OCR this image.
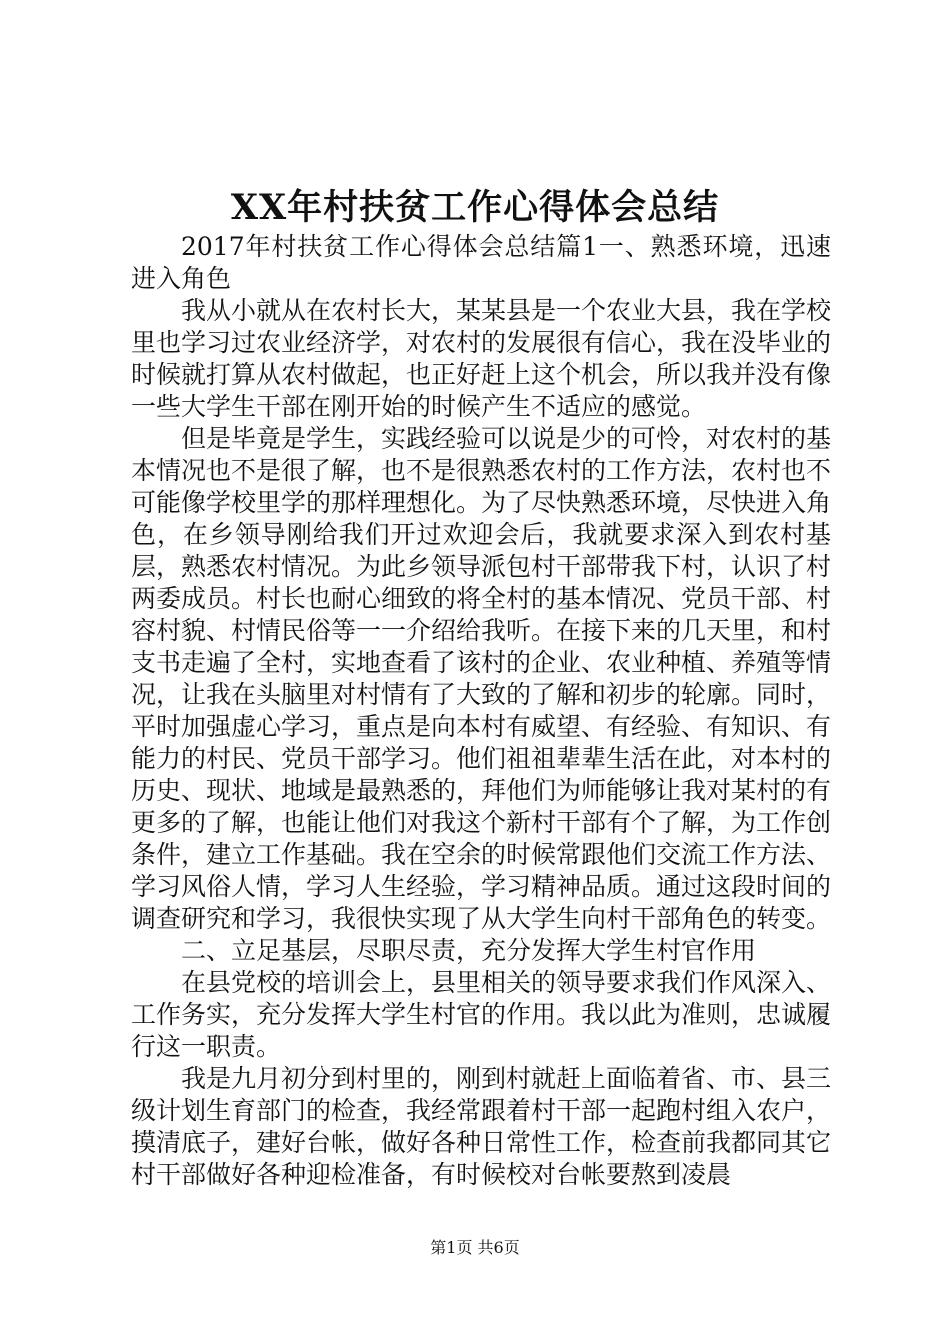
XX年村扶贫工作心得体会总结

2017年村扶贫工作心得体会总结篇1一、熟悉环境，迅速进入角色

我从小就从在农村长大，某某县是一个农业大县，我在学校里也学习过农业经济学，对农村的发展很有信心，我在没毕业的时候就打算从农村做起，也正好赶上这个机会，所以我并没有像一些大学生干部在刚开始的时候产生不适应的感觉。

但是毕竟是学生，实践经验可以说是少的可怜，对农村的基本情况也不是很了解，也不是很熟悉农村的工作方法，农村也不可能像学校里学的那样理想化。为了尽快熟悉环境，尽快进入角色，在乡领导刚给我们开过欢迎会后，我就要求深入到农村基层，熟悉农村情况。为此乡领导派包村干部带我下村，认识了村两委成员。村长也耐心细致的将全村的基本情况、党员干部、村容村貌、村情民俗等一一介绍给我听。在接下来的几天里，和村支书走遍了全村，实地查看了该村的企业、农业种植、养殖等情况，让我在头脑里对村情有了大致的了解和初步的轮廓。同时，平时加强虚心学习，重点是向本村有威望、有经验、有知识、有能力的村民、党员干部学习。他们祖祖辈辈生活在此，对本村的历史、现状、地域是最熟悉的，拜他们为师能够让我对某村的有更多的了解，也能让他们对我这个新村干部有个了解，为工作创条件，建立工作基础。我在空余的时候常跟他们交流工作方法、学习风俗人情，学习人生经验，学习精神品质。通过这段时间的调查研究和学习，我很快实现了从大学生向村干部角色的转变。

二、立足基层，尽职尽责，充分发挥大学生村官作用

在县党校的培训会上，县里相关的领导要求我们作风深入、工作务实，充分发挥大学生村官的作用。我以此为准则，忠诚履行这一职责。

我是九月初分到村里的，刚到村就赶上面临着省、市、县三级计划生育部门的检查，我经常跟着村干部一起跑村组入农户，摸清底子，建好台帐，做好各种日常性工作，检查前我都同其它村干部做好各种迎检准备，有时候校对台帐要熬到凌晨

第1页 共6页
